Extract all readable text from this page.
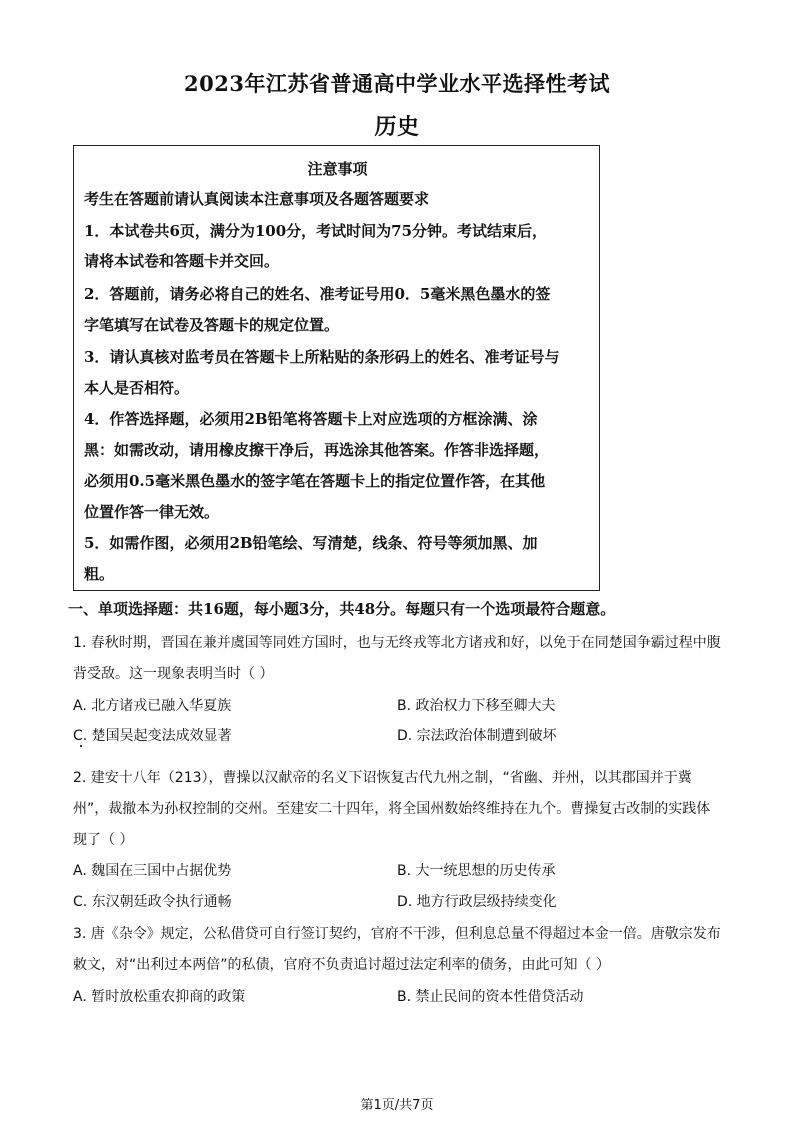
2023年江苏省普通高中学业水平选择性考试
历史
注意事项
考生在答题前请认真阅读本注意事项及各题答题要求
1．本试卷共6页，满分为100分，考试时间为75分钟。考试结束后，
请将本试卷和答题卡并交回。
2．答题前，请务必将自己的姓名、准考证号用0．5毫米黑色墨水的签
字笔填写在试卷及答题卡的规定位置。
3．请认真核对监考员在答题卡上所粘贴的条形码上的姓名、准考证号与
本人是否相符。
4．作答选择题，必须用2B铅笔将答题卡上对应选项的方框涂满、涂
黑：如需改动，请用橡皮擦干净后，再选涂其他答案。作答非选择题，
必须用0.5毫米黑色墨水的签字笔在答题卡上的指定位置作答，在其他
位置作答一律无效。
5．如需作图，必须用2B铅笔绘、写清楚，线条、符号等须加黑、加
粗。
一、单项选择题：共16题，每小题3分，共48分。每题只有一个选项最符合题意。
1. 春秋时期，晋国在兼并虞国等同姓方国时，也与无终戎等北方诸戎和好，以免于在同楚国争霸过程中腹
背受敌。这一现象表明当时（ ）
A. 北方诸戎已融入华夏族	B. 政治权力下移至卿大夫
C. 楚国吴起变法成效显著	D. 宗法政治体制遭到破坏
2. 建安十八年（213），曹操以汉献帝的名义下诏恢复古代九州之制，“省幽、并州，以其郡国并于冀
州”，裁撤本为孙权控制的交州。至建安二十四年，将全国州数始终维持在九个。曹操复古改制的实践体
现了（ ）
A. 魏国在三国中占据优势	B. 大一统思想的历史传承
C. 东汉朝廷政令执行通畅	D. 地方行政层级持续变化
3. 唐《杂令》规定，公私借贷可自行签订契约，官府不干涉，但利息总量不得超过本金一倍。唐敬宗发布
敕文，对“出利过本两倍”的私债，官府不负责追讨超过法定利率的债务，由此可知（ ）
A. 暂时放松重农抑商的政策	B. 禁止民间的资本性借贷活动
第1页/共7页
